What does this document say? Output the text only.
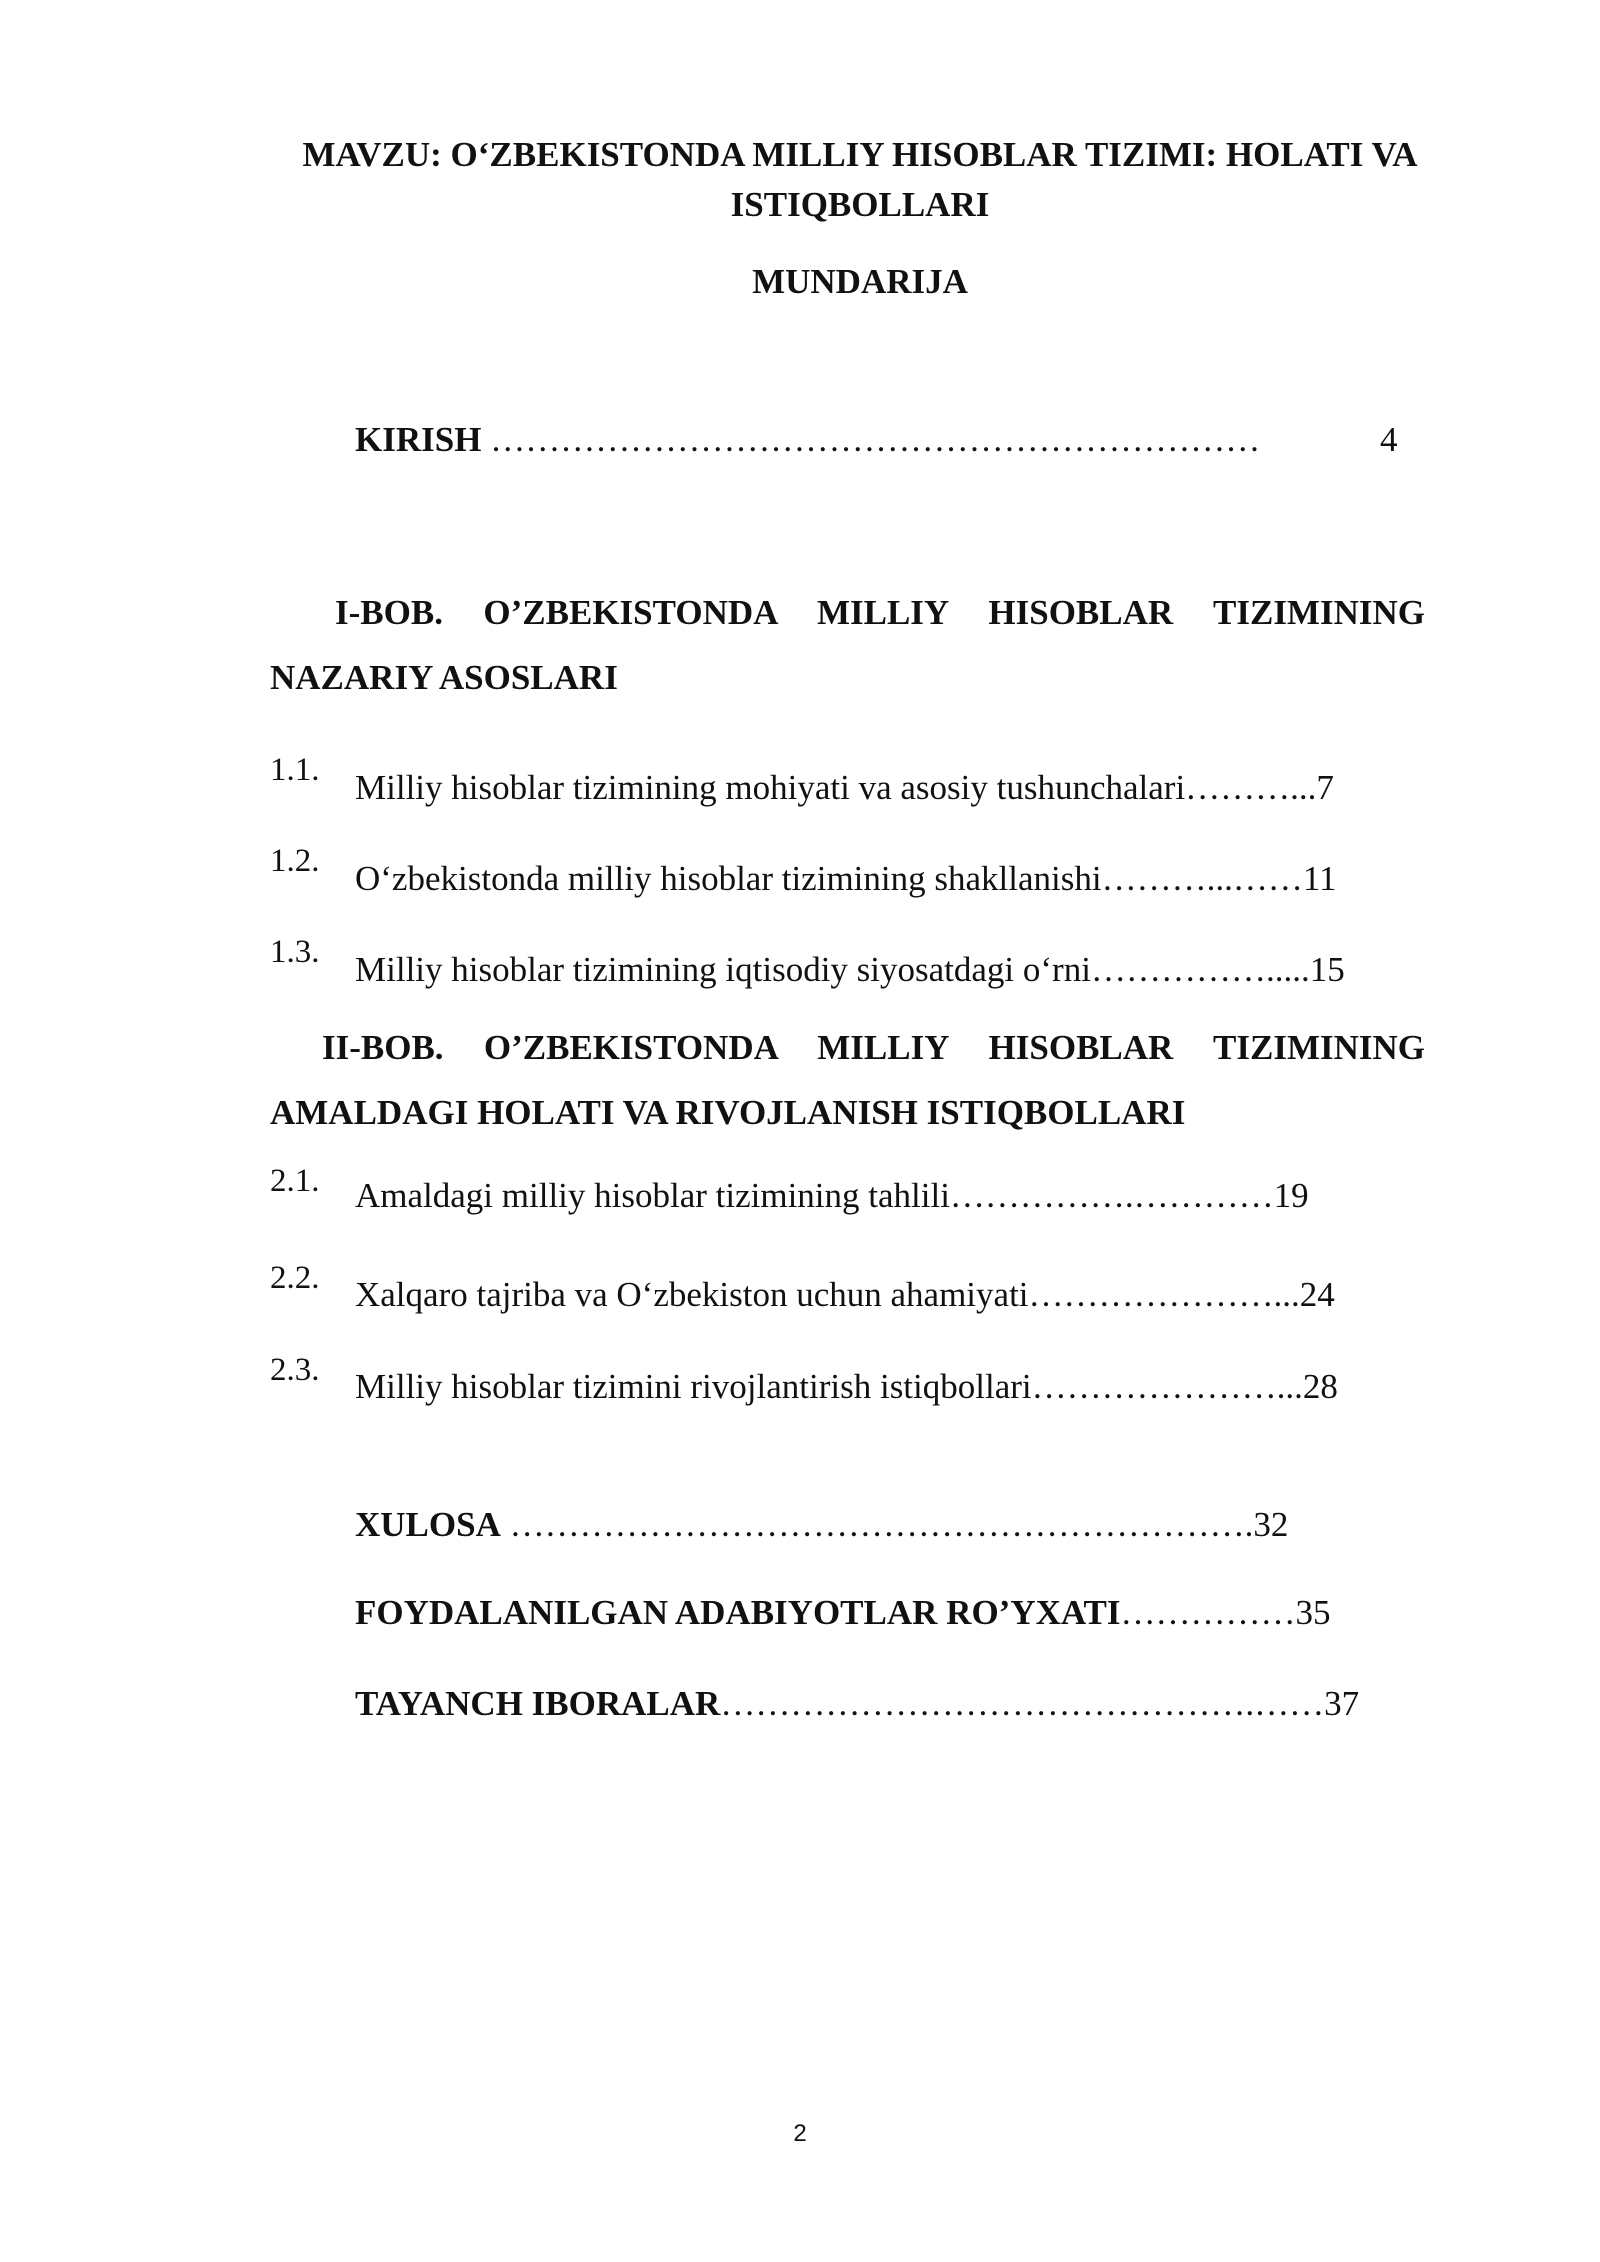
MAVZU: O‘ZBEKISTONDA MILLIY HISOBLAR TIZIMI: HOLATI VA ISTIQBOLLARI
MUNDARIJA
KIRISH …………………………………………………………	4
I-BOB. O’ZBEKISTONDA MILLIY HISOBLAR TIZIMINING NAZARIY ASOSLARI
1.1. Milliy hisoblar tizimining mohiyati va asosiy tushunchalari………...7
1.2. O‘zbekistonda milliy hisoblar tizimining shakllanishi………...……11
1.3. Milliy hisoblar tizimining iqtisodiy siyosatdagi o‘rni…………….....15
II-BOB. O’ZBEKISTONDA MILLIY HISOBLAR TIZIMINING AMALDAGI HOLATI VA RIVOJLANISH ISTIQBOLLARI
2.1. Amaldagi milliy hisoblar tizimining tahlili…………….…………19
2.2. Xalqaro tajriba va O‘zbekiston uchun ahamiyati…………………...24
2.3. Milliy hisoblar tizimini rivojlantirish istiqbollari…………………...28
XULOSA ……………………………………………………….32
FOYDALANILGAN ADABIYOTLAR RO’YXATI……………35
TAYANCH IBORALAR……………………………………….……37
2
